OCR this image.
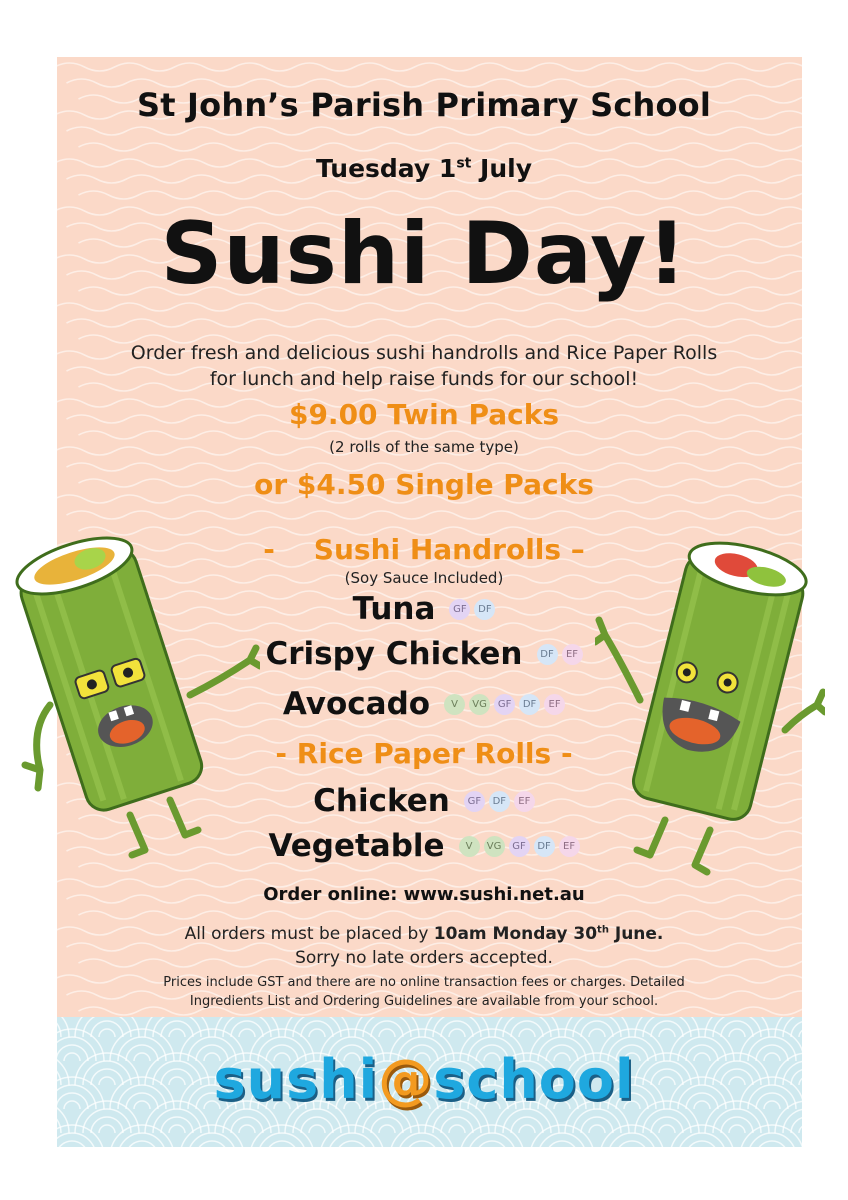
St John’s Parish Primary School
Tuesday 1st July
Sushi Day!
Order fresh and delicious sushi handrolls and Rice Paper Rolls
for lunch and help raise funds for our school!
$9.00 Twin Packs
(2 rolls of the same type)
or $4.50 Single Packs
-    Sushi Handrolls –
(Soy Sauce Included)
Tuna	GF	DF
Crispy Chicken	DF	EF
Avocado	V	VG	GF	DF	EF
- Rice Paper Rolls -
Chicken	GF	DF	EF
Vegetable	V	VG	GF	DF	EF
Order online: www.sushi.net.au
All orders must be placed by 10am Monday 30th June.
Sorry no late orders accepted.
Prices include GST and there are no online transaction fees or charges. Detailed
Ingredients List and Ordering Guidelines are available from your school.
sushi@school
